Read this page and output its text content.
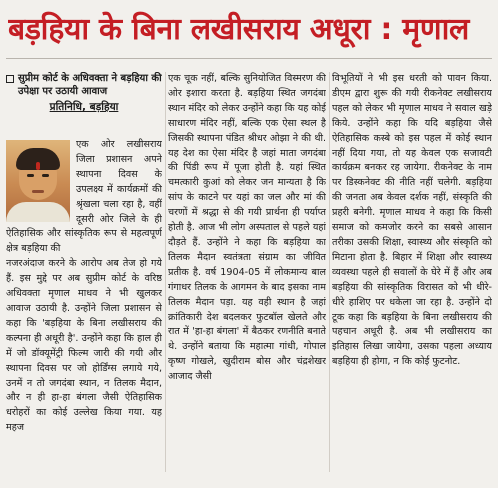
बड़हिया के बिना लखीसराय अधूरा : मृणाल
सुप्रीम कोर्ट के अधिवक्ता ने बड़हिया की उपेक्षा पर उठायी आवाज
प्रतिनिधि, बड़हिया

एक ओर लखीसराय जिला प्रशासन अपने स्थापना दिवस के उपलक्ष्य में कार्यक्रमों की श्रृंखला चला रहा है, वहीं दूसरी ओर जिले के ही ऐतिहासिक और सांस्कृतिक रूप से महत्वपूर्ण क्षेत्र बड़हिया की

नजरअंदाज करने के आरोप अब तेज हो गये हैं. इस मुद्दे पर अब सुप्रीम कोर्ट के वरिष्ठ अधिवक्ता मृणाल माधव ने भी खुलकर आवाज उठायी है. उन्होंने जिला प्रशासन से कहा कि 'बड़हिया के बिना लखीसराय की कल्पना ही अधूरी है'. उन्होंने कहा कि हाल ही में जो डॉक्यूमेंट्री फिल्म जारी की गयी और स्थापना दिवस पर जो होर्डिंग्स लगाये गये, उनमें न तो जगदंबा स्थान, न तिलक मैदान, और न ही हा-हा बंगला जैसी ऐतिहासिक धरोहरों का कोई उल्लेख किया गया. यह महज

एक चूक नहीं, बल्कि सुनियोजित विस्मरण की ओर इशारा करता है. बड़हिया स्थित जगदंबा स्थान मंदिर को लेकर उन्होंने कहा कि यह कोई साधारण मंदिर नहीं, बल्कि एक ऐसा स्थल है जिसकी स्थापना पंडित श्रीधर ओझा ने की थी. यह देश का ऐसा मंदिर है जहां माता जगदंबा की पिंडी रूप में पूजा होती है. यहां स्थित चमत्कारी कुआं को लेकर जन मान्यता है कि सांप के काटने पर यहां का जल और मां की चरणों में श्रद्धा से की गयी प्रार्थना ही पर्याप्त होती है. आज भी लोग अस्पताल से पहले यहां दौड़ते हैं. उन्होंने ने कहा कि बड़हिया का तिलक मैदान स्वतंत्रता संग्राम का जीवित प्रतीक है. वर्ष 1904-05 में लोकमान्य बाल गंगाधर तिलक के आगमन के बाद इसका नाम तिलक मैदान पड़ा. यह वही स्थान है जहां क्रांतिकारी देश बदलकर फुटबॉल खेलते और रात में 'हा-हा बंगला' में बैठकर रणनीति बनाते थे. उन्होंने बताया कि महात्मा गांधी, गोपाल कृष्ण गोखले, खुदीराम बोस और चंद्रशेखर आजाद जैसी

विभूतियों ने भी इस धरती को पावन किया. डीएम द्वारा शुरू की गयी रीकनेक्ट लखीसराय पहल को लेकर भी मृणाल माधव ने सवाल खड़े किये. उन्होंने कहा कि यदि बड़हिया जैसे ऐतिहासिक कस्बे को इस पहल में कोई स्थान नहीं दिया गया, तो यह केवल एक सजावटी कार्यक्रम बनकर रह जायेगा. रीकनेक्ट के नाम पर डिस्कनेक्ट की नीति नहीं चलेगी. बड़हिया की जनता अब केवल दर्शक नहीं, संस्कृति की प्रहरी बनेगी. मृणाल माधव ने कहा कि किसी समाज को कमजोर करने का सबसे आसान तरीका उसकी शिक्षा, स्वास्थ्य और संस्कृति को मिटाना होता है. बिहार में शिक्षा और स्वास्थ्य व्यवस्था पहले ही सवालों के घेरे में हैं और अब बड़हिया की सांस्कृतिक विरासत को भी धीरे-धीरे हाशिए पर धकेला जा रहा है. उन्होंने दो टूक कहा कि बड़हिया के बिना लखीसराय की पहचान अधूरी है. अब भी लखीसराय का इतिहास लिखा जायेगा, उसका पहला अध्याय बड़हिया ही होगा, न कि कोई फुटनोट.
